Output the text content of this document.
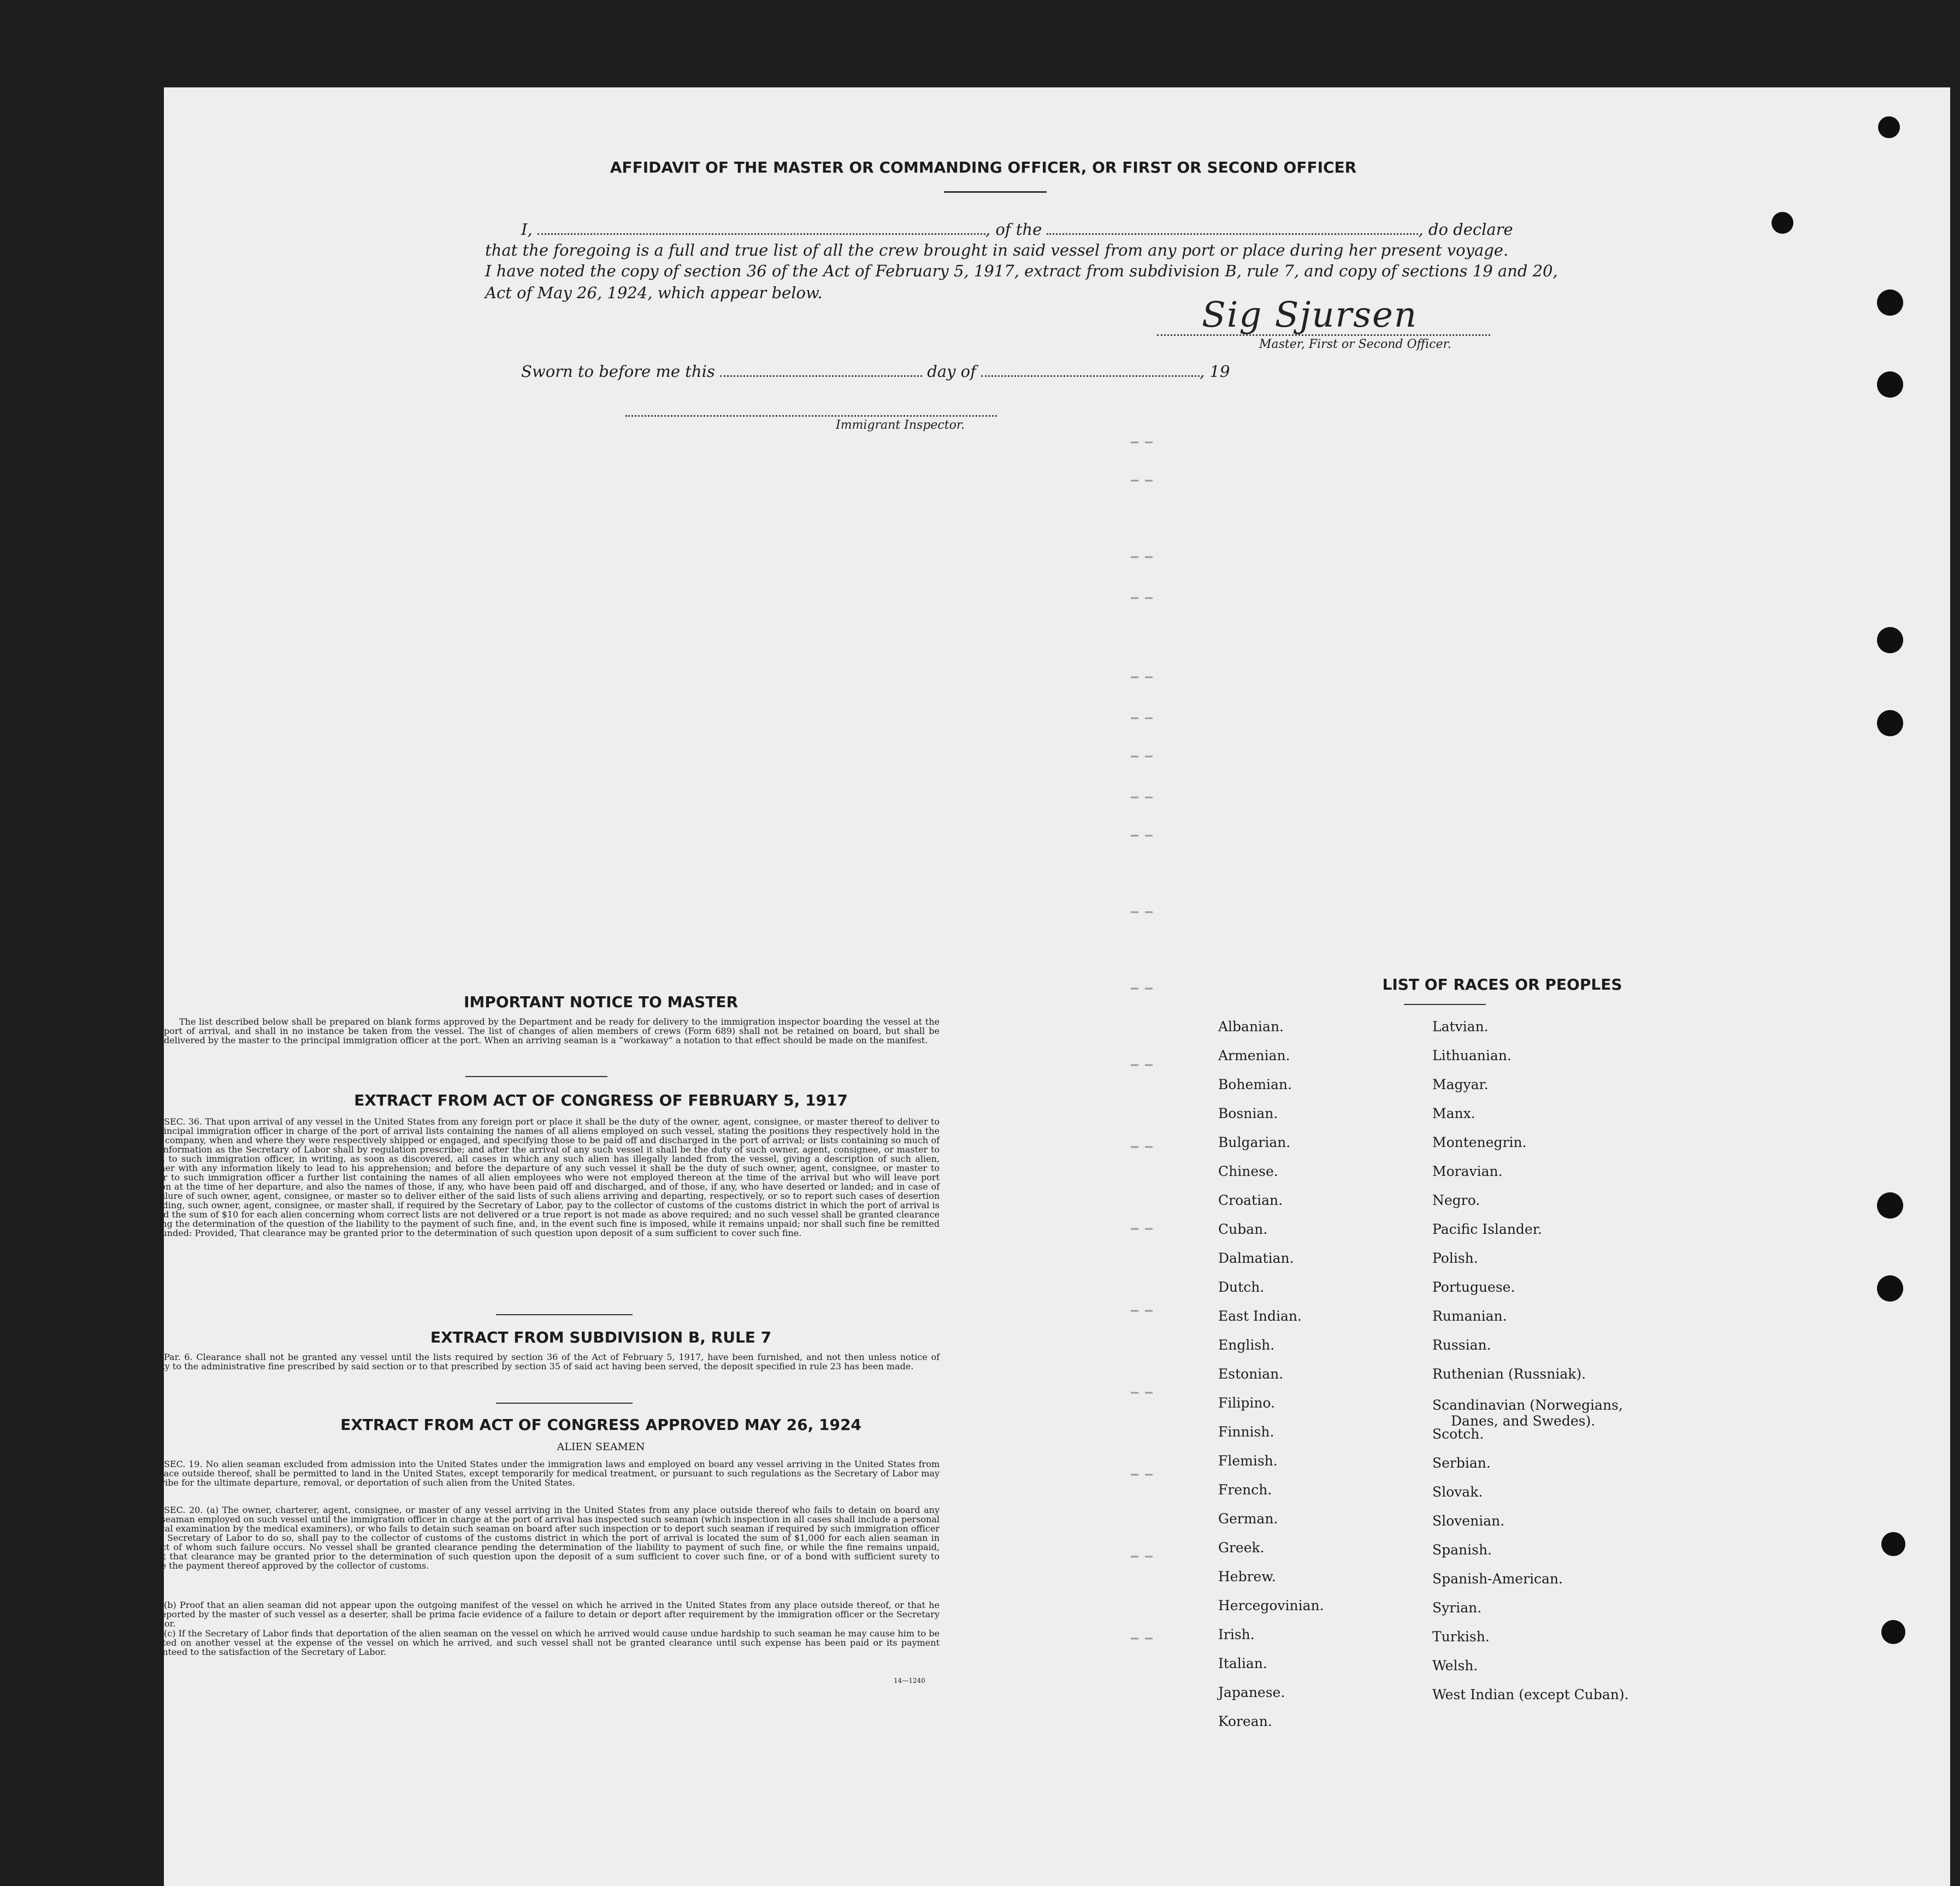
AFFIDAVIT OF THE MASTER OR COMMANDING OFFICER, OR FIRST OR SECOND OFFICER
I,	, of the	, do declare
that the foregoing is a full and true list of all the crew brought in said vessel from any port or place during her present voyage.
I have noted the copy of section 36 of the Act of February 5, 1917, extract from subdivision B, rule 7, and copy of sections 19 and 20,
Act of May 26, 1924, which appear below.
Sig Sjursen
Master, First or Second Officer.
Sworn to before me this	day of	, 19
Immigrant Inspector.
IMPORTANT NOTICE TO MASTER
The list described below shall be prepared on blank forms approved by the Department and be ready for delivery to the immigration inspector boarding the vessel at the port of arrival, and shall in no instance be taken from the vessel. The list of changes of alien members of crews (Form 689) shall not be retained on board, but shall be delivered by the master to the principal immigration officer at the port. When an arriving seaman is a “workaway” a notation to that effect should be made on the manifest.
EXTRACT FROM ACT OF CONGRESS OF FEBRUARY 5, 1917
SEC. 36. That upon arrival of any vessel in the United States from any foreign port or place it shall be the duty of the owner, agent, consignee, or master thereof to deliver to the principal immigration officer in charge of the port of arrival lists containing the names of all aliens employed on such vessel, stating the positions they respectively hold in the ship's company, when and where they were respectively shipped or engaged, and specifying those to be paid off and discharged in the port of arrival; or lists containing so much of such information as the Secretary of Labor shall by regulation prescribe; and after the arrival of any such vessel it shall be the duty of such owner, agent, consignee, or master to report to such immigration officer, in writing, as soon as discovered, all cases in which any such alien has illegally landed from the vessel, giving a description of such alien, together with any information likely to lead to his apprehension; and before the departure of any such vessel it shall be the duty of such owner, agent, consignee, or master to deliver to such immigration officer a further list containing the names of all alien employees who were not employed thereon at the time of the arrival but who will leave port thereon at the time of her departure, and also the names of those, if any, who have been paid off and discharged, and of those, if any, who have deserted or landed; and in case of the failure of such owner, agent, consignee, or master so to deliver either of the said lists of such aliens arriving and departing, respectively, or so to report such cases of desertion or landing, such owner, agent, consignee, or master shall, if required by the Secretary of Labor, pay to the collector of customs of the customs district in which the port of arrival is located the sum of $10 for each alien concerning whom correct lists are not delivered or a true report is not made as above required; and no such vessel shall be granted clearance pending the determination of the question of the liability to the payment of such fine, and, in the event such fine is imposed, while it remains unpaid; nor shall such fine be remitted or refunded: Provided, That clearance may be granted prior to the determination of such question upon deposit of a sum sufficient to cover such fine.
EXTRACT FROM SUBDIVISION B, RULE 7
Par. 6. Clearance shall not be granted any vessel until the lists required by section 36 of the Act of February 5, 1917, have been furnished, and not then unless notice of liability to the administrative fine prescribed by said section or to that prescribed by section 35 of said act having been served, the deposit specified in rule 23 has been made.
EXTRACT FROM ACT OF CONGRESS APPROVED MAY 26, 1924
ALIEN SEAMEN
SEC. 19. No alien seaman excluded from admission into the United States under the immigration laws and employed on board any vessel arriving in the United States from any place outside thereof, shall be permitted to land in the United States, except temporarily for medical treatment, or pursuant to such regulations as the Secretary of Labor may prescribe for the ultimate departure, removal, or deportation of such alien from the United States.
SEC. 20. (a) The owner, charterer, agent, consignee, or master of any vessel arriving in the United States from any place outside thereof who fails to detain on board any alien seaman employed on such vessel until the immigration officer in charge at the port of arrival has inspected such seaman (which inspection in all cases shall include a personal physical examination by the medical examiners), or who fails to detain such seaman on board after such inspection or to deport such seaman if required by such immigration officer or the Secretary of Labor to do so, shall pay to the collector of customs of the customs district in which the port of arrival is located the sum of $1,000 for each alien seaman in respect of whom such failure occurs. No vessel shall be granted clearance pending the determination of the liability to payment of such fine, or while the fine remains unpaid, except that clearance may be granted prior to the determination of such question upon the deposit of a sum sufficient to cover such fine, or of a bond with sufficient surety to secure the payment thereof approved by the collector of customs.
(b) Proof that an alien seaman did not appear upon the outgoing manifest of the vessel on which he arrived in the United States from any place outside thereof, or that he was reported by the master of such vessel as a deserter, shall be prima facie evidence of a failure to detain or deport after requirement by the immigration officer or the Secretary of Labor.
(c) If the Secretary of Labor finds that deportation of the alien seaman on the vessel on which he arrived would cause undue hardship to such seaman he may cause him to be deported on another vessel at the expense of the vessel on which he arrived, and such vessel shall not be granted clearance until such expense has been paid or its payment guaranteed to the satisfaction of the Secretary of Labor.
14—1240
LIST OF RACES OR PEOPLES
Albanian.
Armenian.
Bohemian.
Bosnian.
Bulgarian.
Chinese.
Croatian.
Cuban.
Dalmatian.
Dutch.
East Indian.
English.
Estonian.
Filipino.
Finnish.
Flemish.
French.
German.
Greek.
Hebrew.
Hercegovinian.
Irish.
Italian.
Japanese.
Korean.
Latvian.
Lithuanian.
Magyar.
Manx.
Montenegrin.
Moravian.
Negro.
Pacific Islander.
Polish.
Portuguese.
Rumanian.
Russian.
Ruthenian (Russniak).
Scandinavian (Norwegians,
Danes, and Swedes).
Scotch.
Serbian.
Slovak.
Slovenian.
Spanish.
Spanish-American.
Syrian.
Turkish.
Welsh.
West Indian (except Cuban).
